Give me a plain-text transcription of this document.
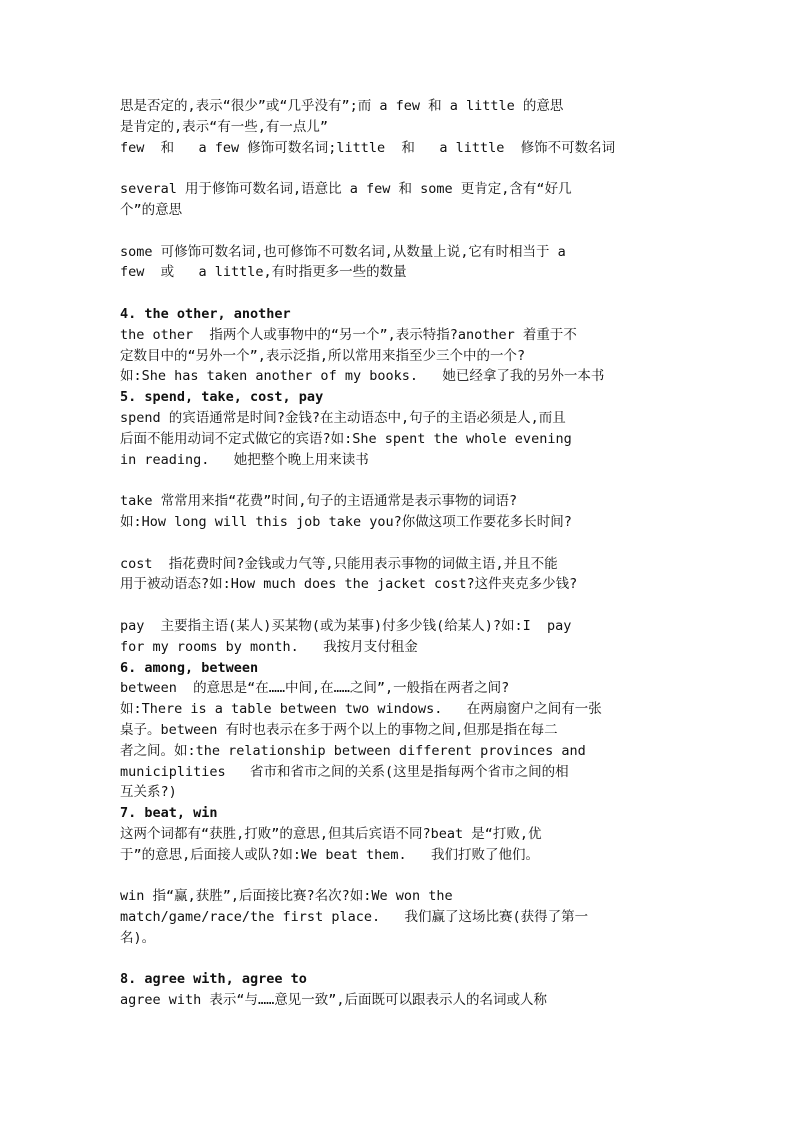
思是否定的,表示“很少”或“几乎没有”;而 a few 和 a little 的意思
是肯定的,表示“有一些,有一点儿”
few  和   a few 修饰可数名词;little  和   a little  修饰不可数名词
several 用于修饰可数名词,语意比 a few 和 some 更肯定,含有“好几
个”的意思
some 可修饰可数名词,也可修饰不可数名词,从数量上说,它有时相当于 a
few  或   a little,有时指更多一些的数量
4. the other, another
the other  指两个人或事物中的“另一个”,表示特指?another 着重于不
定数目中的“另外一个”,表示泛指,所以常用来指至少三个中的一个?
如:She has taken another of my books.   她已经拿了我的另外一本书
5. spend, take, cost, pay
spend 的宾语通常是时间?金钱?在主动语态中,句子的主语必须是人,而且
后面不能用动词不定式做它的宾语?如:She spent the whole evening
in reading.   她把整个晚上用来读书
take 常常用来指“花费”时间,句子的主语通常是表示事物的词语?
如:How long will this job take you?你做这项工作要花多长时间?
cost  指花费时间?金钱或力气等,只能用表示事物的词做主语,并且不能
用于被动语态?如:How much does the jacket cost?这件夹克多少钱?
pay  主要指主语(某人)买某物(或为某事)付多少钱(给某人)?如:I  pay
for my rooms by month.   我按月支付租金
6. among, between
between  的意思是“在……中间,在……之间”,一般指在两者之间?
如:There is a table between two windows.   在两扇窗户之间有一张
桌子。between 有时也表示在多于两个以上的事物之间,但那是指在每二
者之间。如:the relationship between different provinces and
municiplities   省市和省市之间的关系(这里是指每两个省市之间的相
互关系?)
7. beat, win
这两个词都有“获胜,打败”的意思,但其后宾语不同?beat 是“打败,优
于”的意思,后面接人或队?如:We beat them.   我们打败了他们。
win 指“赢,获胜”,后面接比赛?名次?如:We won the
match/game/race/the first place.   我们赢了这场比赛(获得了第一
名)。
8. agree with, agree to
agree with 表示“与……意见一致”,后面既可以跟表示人的名词或人称
